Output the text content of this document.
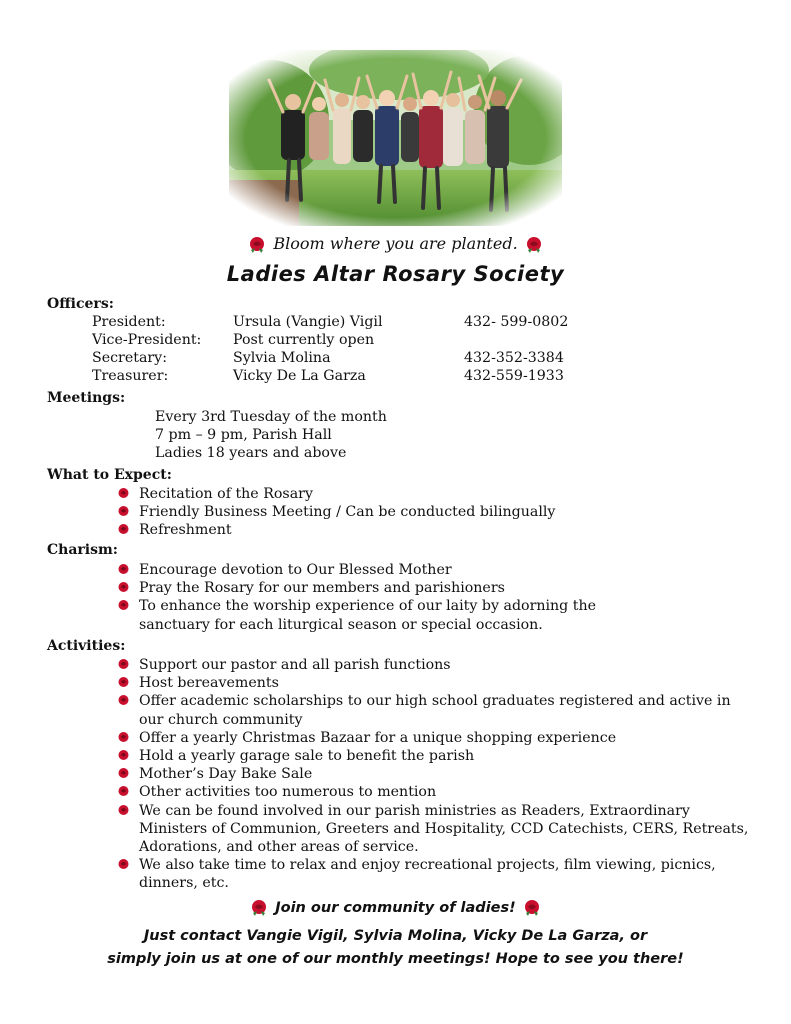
Bloom where you are planted.
Ladies Altar Rosary Society
Officers:
President:	Ursula (Vangie) Vigil	432- 599-0802
Vice-President: Post currently open
Secretary:	Sylvia Molina	432-352-3384
Treasurer:	Vicky De La Garza	432-559-1933
Meetings:
Every 3rd Tuesday of the month
7 pm – 9 pm, Parish Hall
Ladies 18 years and above
What to Expect:
Recitation of the Rosary
Friendly Business Meeting / Can be conducted bilingually
Refreshment
Charism:
Encourage devotion to Our Blessed Mother
Pray the Rosary for our members and parishioners
To enhance the worship experience of our laity by adorning the sanctuary for each liturgical season or special occasion.
Activities:
Support our pastor and all parish functions
Host bereavements
Offer academic scholarships to our high school graduates registered and active in our church community
Offer a yearly Christmas Bazaar for a unique shopping experience
Hold a yearly garage sale to benefit the parish
Mother’s Day Bake Sale
Other activities too numerous to mention
We can be found involved in our parish ministries as Readers, Extraordinary Ministers of Communion, Greeters and Hospitality, CCD Catechists, CERS, Retreats, Adorations, and other areas of service.
We also take time to relax and enjoy recreational projects, film viewing, picnics, dinners, etc.
Join our community of ladies!
Just contact Vangie Vigil, Sylvia Molina, Vicky De La Garza, or
simply join us at one of our monthly meetings! Hope to see you there!
